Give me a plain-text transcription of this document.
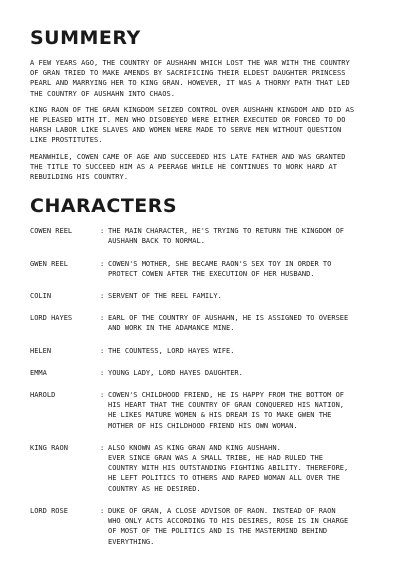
SUMMERY

A FEW YEARS AGO, THE COUNTRY OF AUSHAHN WHICH LOST THE WAR WITH THE COUNTRY
OF GRAN TRIED TO MAKE AMENDS BY SACRIFICING THEIR ELDEST DAUGHTER PRINCESS
PEARL AND MARRYING HER TO KING GRAN. HOWEVER, IT WAS A THORNY PATH THAT LED
THE COUNTRY OF AUSHAHN INTO CHAOS.

KING RAON OF THE GRAN KINGDOM SEIZED CONTROL OVER AUSHAHN KINGDOM AND DID AS
HE PLEASED WITH IT. MEN WHO DISOBEYED WERE EITHER EXECUTED OR FORCED TO DO
HARSH LABOR LIKE SLAVES AND WOMEN WERE MADE TO SERVE MEN WITHOUT QUESTION
LIKE PROSTITUTES.

MEANWHILE, COWEN CAME OF AGE AND SUCCEEDED HIS LATE FATHER AND WAS GRANTED
THE TITLE TO SUCCEED HIM AS A PEERAGE WHILE HE CONTINUES TO WORK HARD AT
REBUILDING HIS COUNTRY.

CHARACTERS
COWEN REEL	: THE MAIN CHARACTER, HE'S TRYING TO RETURN THE KINGDOM OF
AUSHAHN BACK TO NORMAL.
GWEN REEL	: COWEN'S MOTHER, SHE BECAME RAON'S SEX TOY IN ORDER TO
PROTECT COWEN AFTER THE EXECUTION OF HER HUSBAND.
COLIN	: SERVENT OF THE REEL FAMILY.
LORD HAYES	: EARL OF THE COUNTRY OF AUSHAHN, HE IS ASSIGNED TO OVERSEE
AND WORK IN THE ADAMANCE MINE.
HELEN	: THE COUNTESS, LORD HAYES WIFE.
EMMA	: YOUNG LADY, LORD HAYES DAUGHTER.
HAROLD	: COWEN'S CHILDHOOD FRIEND, HE IS HAPPY FROM THE BOTTOM OF
HIS HEART THAT THE COUNTRY OF GRAN CONQUERED HIS NATION,
HE LIKES MATURE WOMEN & HIS DREAM IS TO MAKE GWEN THE
MOTHER OF HIS CHILDHOOD FRIEND HIS OWN WOMAN.
KING RAON	: ALSO KNOWN AS KING GRAN AND KING AUSHAHN.
EVER SINCE GRAN WAS A SMALL TRIBE, HE HAD RULED THE
COUNTRY WITH HIS OUTSTANDING FIGHTING ABILITY. THEREFORE,
HE LEFT POLITICS TO OTHERS AND RAPED WOMAN ALL OVER THE
COUNTRY AS HE DESIRED.
LORD ROSE	: DUKE OF GRAN, A CLOSE ADVISOR OF RAON. INSTEAD OF RAON
WHO ONLY ACTS ACCORDING TO HIS DESIRES, ROSE IS IN CHARGE
OF MOST OF THE POLITICS AND IS THE MASTERMIND BEHIND
EVERYTHING.
